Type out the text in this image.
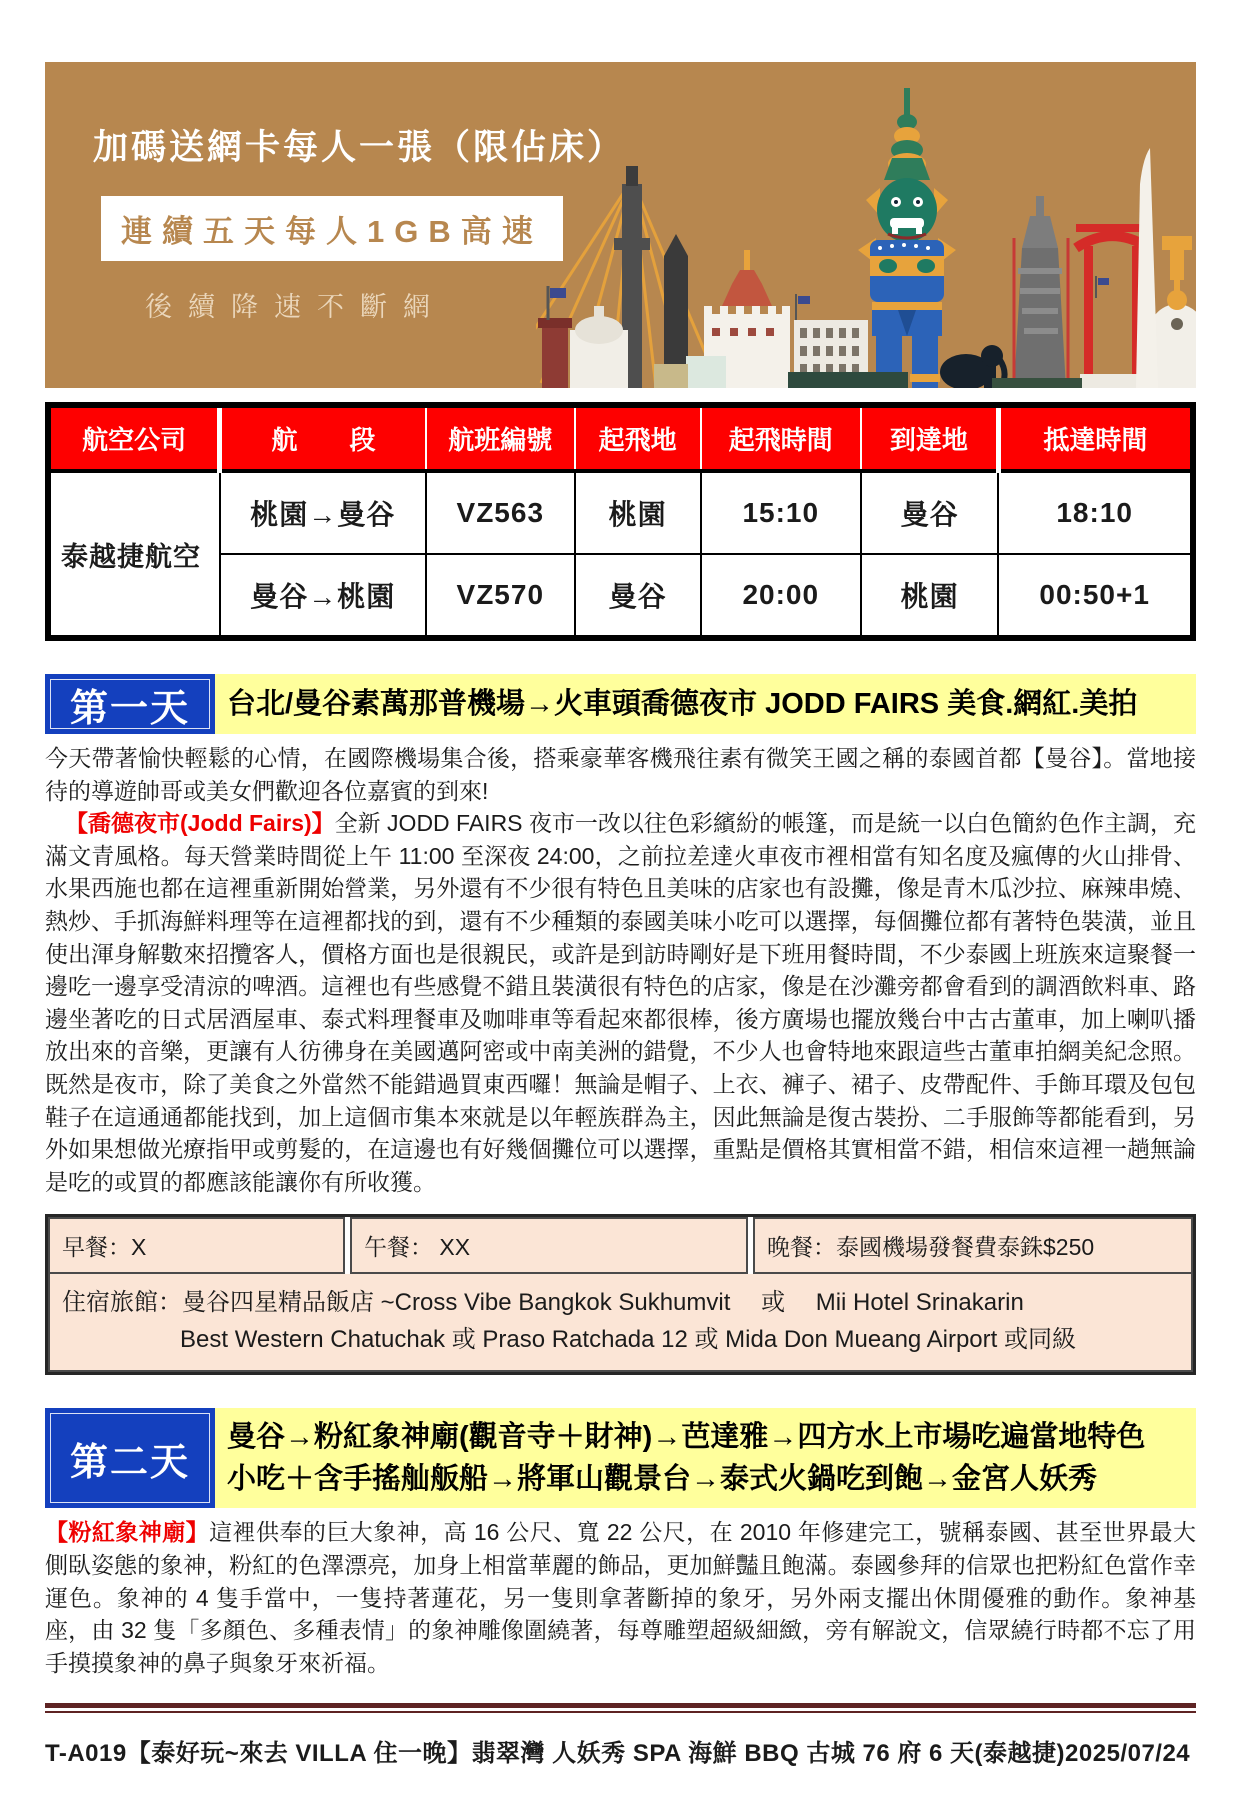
加碼送網卡每人一張（限佔床）
連續五天每人1GB高速
後續降速不斷網
航空公司	航　　段	航班編號	起飛地	起飛時間	到達地	抵達時間
泰越捷航空	桃園→曼谷	VZ563	桃園	15:10	曼谷	18:10
	曼谷→桃園	VZ570	曼谷	20:00	桃園	00:50+1
第一天	台北/曼谷素萬那普機場→火車頭喬德夜市 JODD FAIRS 美食.網紅.美拍

今天帶著愉快輕鬆的心情，在國際機場集合後，搭乘豪華客機飛往素有微笑王國之稱的泰國首都【曼谷】。當地接待的導遊帥哥或美女們歡迎各位嘉賓的到來!

【喬德夜市(Jodd Fairs)】全新 JODD FAIRS 夜市一改以往色彩繽紛的帳篷，而是統一以白色簡約色作主調，充滿文青風格。每天營業時間從上午 11:00 至深夜 24:00，之前拉差達火車夜市裡相當有知名度及瘋傳的火山排骨、水果西施也都在這裡重新開始營業，另外還有不少很有特色且美味的店家也有設攤，像是青木瓜沙拉、麻辣串燒、熱炒、手抓海鮮料理等在這裡都找的到，還有不少種類的泰國美味小吃可以選擇，每個攤位都有著特色裝潢，並且使出渾身解數來招攬客人，價格方面也是很親民，或許是到訪時剛好是下班用餐時間，不少泰國上班族來這聚餐一邊吃一邊享受清涼的啤酒。這裡也有些感覺不錯且裝潢很有特色的店家，像是在沙灘旁都會看到的調酒飲料車、路邊坐著吃的日式居酒屋車、泰式料理餐車及咖啡車等看起來都很棒，後方廣場也擺放幾台中古古董車，加上喇叭播放出來的音樂，更讓有人彷彿身在美國邁阿密或中南美洲的錯覺，不少人也會特地來跟這些古董車拍網美紀念照。既然是夜市，除了美食之外當然不能錯過買東西囉！無論是帽子、上衣、褲子、裙子、皮帶配件、手飾耳環及包包鞋子在這通通都能找到，加上這個市集本來就是以年輕族群為主，因此無論是復古裝扮、二手服飾等都能看到，另外如果想做光療指甲或剪髮的，在這邊也有好幾個攤位可以選擇，重點是價格其實相當不錯，相信來這裡一趟無論是吃的或買的都應該能讓你有所收獲。

早餐：X	午餐： XX	晚餐：泰國機場發餐費泰銖$250
住宿旅館：曼谷四星精品飯店 ~Cross Vibe Bangkok Sukhumvit　 或 　Mii Hotel Srinakarin
Best Western Chatuchak 或 Praso Ratchada 12 或 Mida Don Mueang Airport 或同級
第二天
曼谷→粉紅象神廟(觀音寺＋財神)→芭達雅→四方水上市場吃遍當地特色
小吃＋含手搖舢舨船→將軍山觀景台→泰式火鍋吃到飽→金宮人妖秀

【粉紅象神廟】這裡供奉的巨大象神，高 16 公尺、寬 22 公尺，在 2010 年修建完工，號稱泰國、甚至世界最大側臥姿態的象神，粉紅的色澤漂亮，加身上相當華麗的飾品，更加鮮豔且飽滿。泰國參拜的信眾也把粉紅色當作幸運色。象神的 4 隻手當中，一隻持著蓮花，另一隻則拿著斷掉的象牙，另外兩支擺出休閒優雅的動作。象神基座，由 32 隻「多顏色、多種表情」的象神雕像圍繞著，每尊雕塑超級細緻，旁有解說文，信眾繞行時都不忘了用手摸摸象神的鼻子與象牙來祈福。

T-A019【泰好玩~來去 VILLA 住一晚】翡翠灣 人妖秀 SPA 海鮮 BBQ 古城 76 府 6 天(泰越捷)2025/07/24
